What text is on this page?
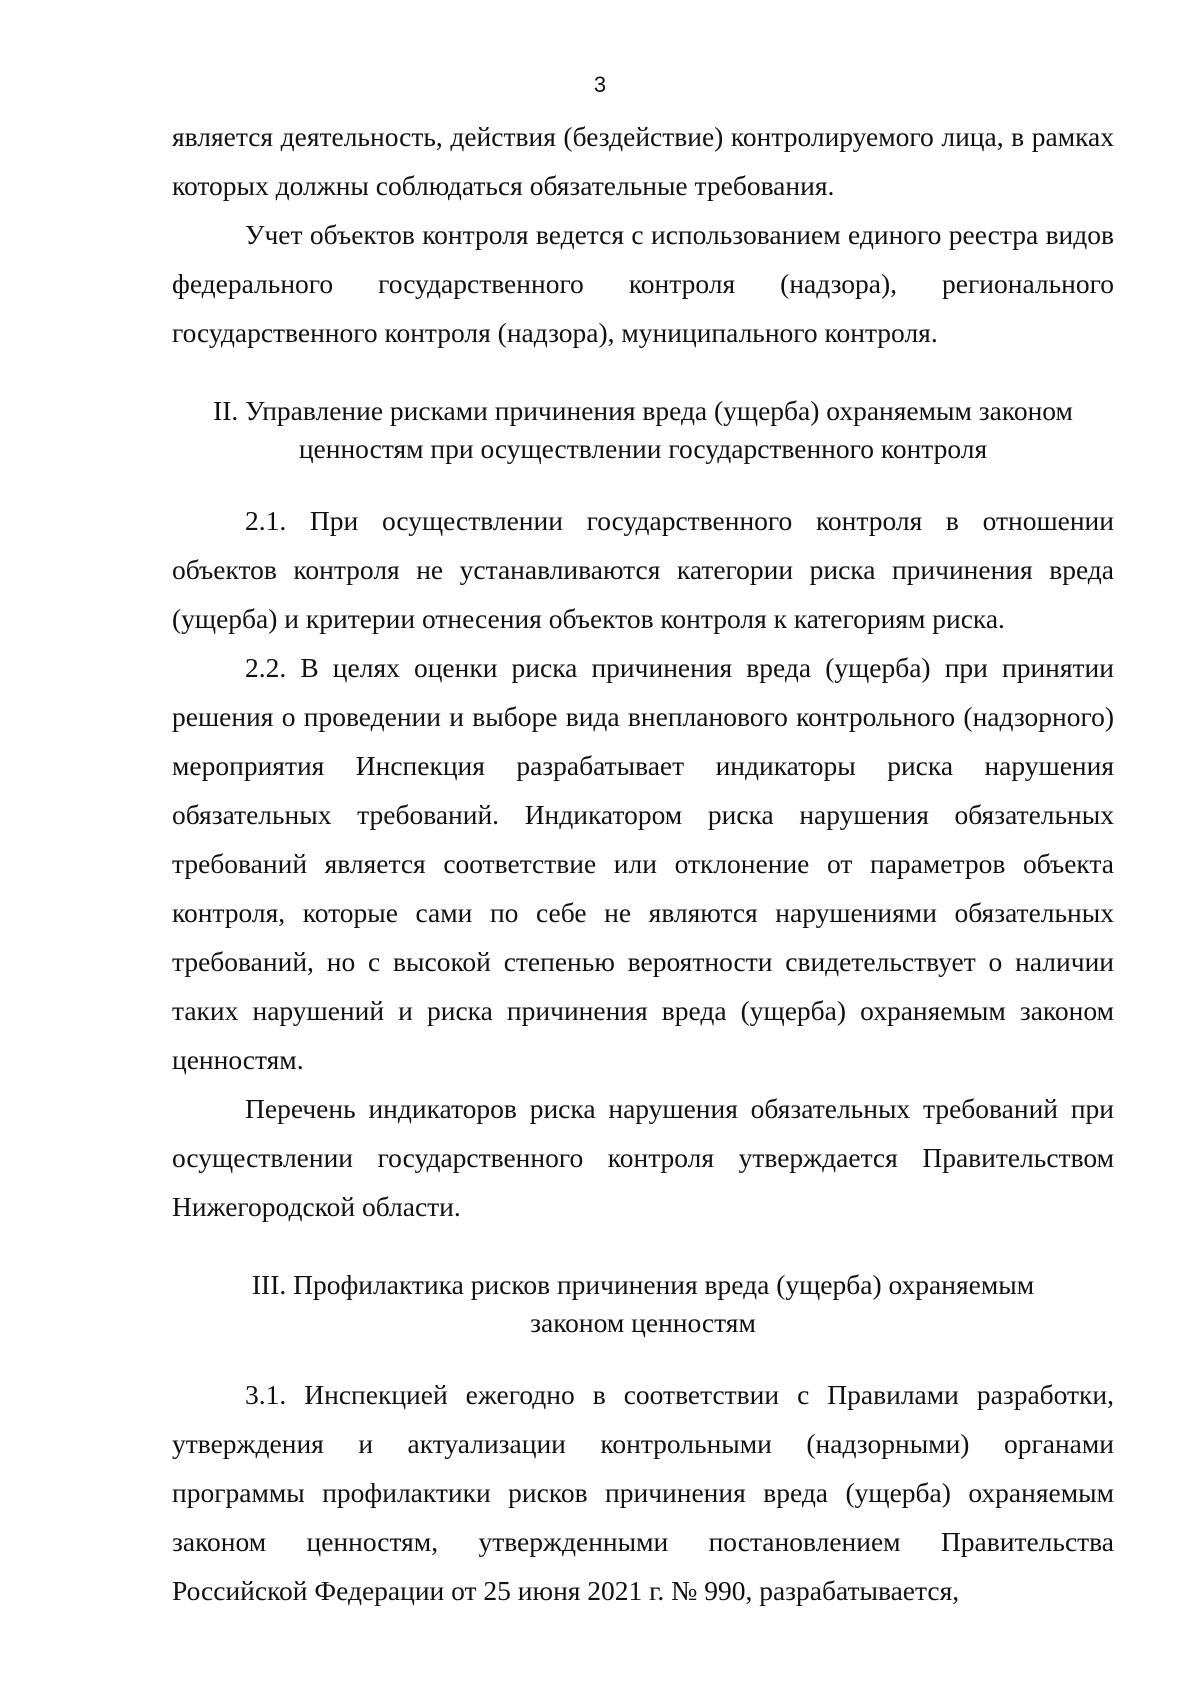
3

является деятельность, действия (бездействие) контролируемого лица, в рамках которых должны соблюдаться обязательные требования.

Учет объектов контроля ведется с использованием единого реестра видов федерального государственного контроля (надзора), регионального государственного контроля (надзора), муниципального контроля.

II. Управление рисками причинения вреда (ущерба) охраняемым законом ценностям при осуществлении государственного контроля

2.1. При осуществлении государственного контроля в отношении объектов контроля не устанавливаются категории риска причинения вреда (ущерба) и критерии отнесения объектов контроля к категориям риска.

2.2. В целях оценки риска причинения вреда (ущерба) при принятии решения о проведении и выборе вида внепланового контрольного (надзорного) мероприятия Инспекция разрабатывает индикаторы риска нарушения обязательных требований. Индикатором риска нарушения обязательных требований является соответствие или отклонение от параметров объекта контроля, которые сами по себе не являются нарушениями обязательных требований, но с высокой степенью вероятности свидетельствует о наличии таких нарушений и риска причинения вреда (ущерба) охраняемым законом ценностям.

Перечень индикаторов риска нарушения обязательных требований при осуществлении государственного контроля утверждается Правительством Нижегородской области.

III. Профилактика рисков причинения вреда (ущерба) охраняемым законом ценностям

3.1. Инспекцией ежегодно в соответствии с Правилами разработки, утверждения и актуализации контрольными (надзорными) органами программы профилактики рисков причинения вреда (ущерба) охраняемым законом ценностям, утвержденными постановлением Правительства Российской Федерации от 25 июня 2021 г. № 990, разрабатывается,
